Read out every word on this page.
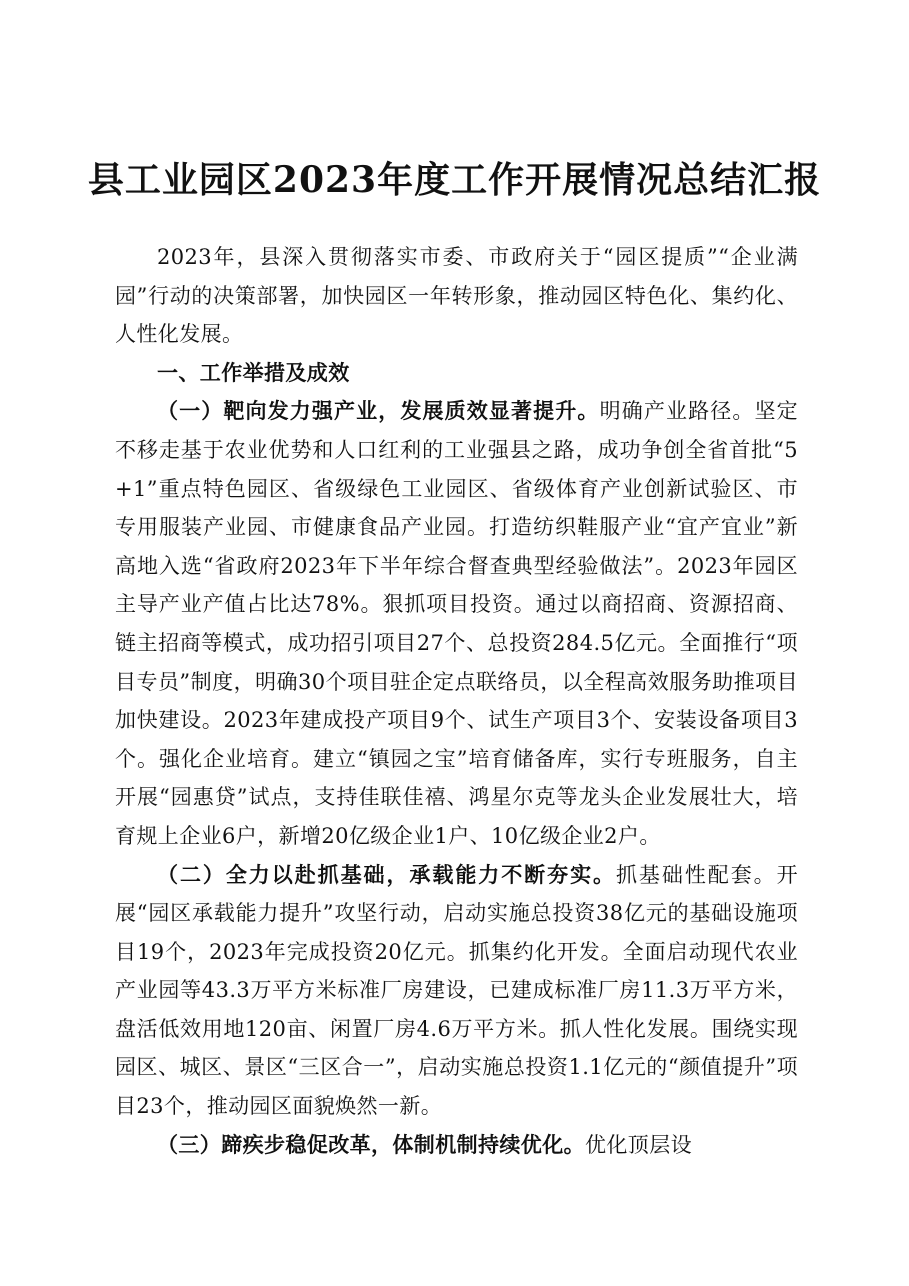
县工业园区2023年度工作开展情况总结汇报

2023年，县深入贯彻落实市委、市政府关于“园区提质”“企业满园”行动的决策部署，加快园区一年转形象，推动园区特色化、集约化、人性化发展。

一、工作举措及成效

（一）靶向发力强产业，发展质效显著提升。明确产业路径。坚定不移走基于农业优势和人口红利的工业强县之路，成功争创全省首批“5+1”重点特色园区、省级绿色工业园区、省级体育产业创新试验区、市专用服装产业园、市健康食品产业园。打造纺织鞋服产业“宜产宜业”新高地入选“省政府2023年下半年综合督查典型经验做法”。2023年园区主导产业产值占比达78%。狠抓项目投资。通过以商招商、资源招商、链主招商等模式，成功招引项目27个、总投资284.5亿元。全面推行“项目专员”制度，明确30个项目驻企定点联络员，以全程高效服务助推项目加快建设。2023年建成投产项目9个、试生产项目3个、安装设备项目3个。强化企业培育。建立“镇园之宝”培育储备库，实行专班服务，自主开展“园惠贷”试点，支持佳联佳禧、鸿星尔克等龙头企业发展壮大，培育规上企业6户，新增20亿级企业1户、10亿级企业2户。

（二）全力以赴抓基础，承载能力不断夯实。抓基础性配套。开展“园区承载能力提升”攻坚行动，启动实施总投资38亿元的基础设施项目19个，2023年完成投资20亿元。抓集约化开发。全面启动现代农业产业园等43.3万平方米标准厂房建设，已建成标准厂房11.3万平方米，盘活低效用地120亩、闲置厂房4.6万平方米。抓人性化发展。围绕实现园区、城区、景区“三区合一”，启动实施总投资1.1亿元的“颜值提升”项目23个，推动园区面貌焕然一新。

（三）蹄疾步稳促改革，体制机制持续优化。优化顶层设
